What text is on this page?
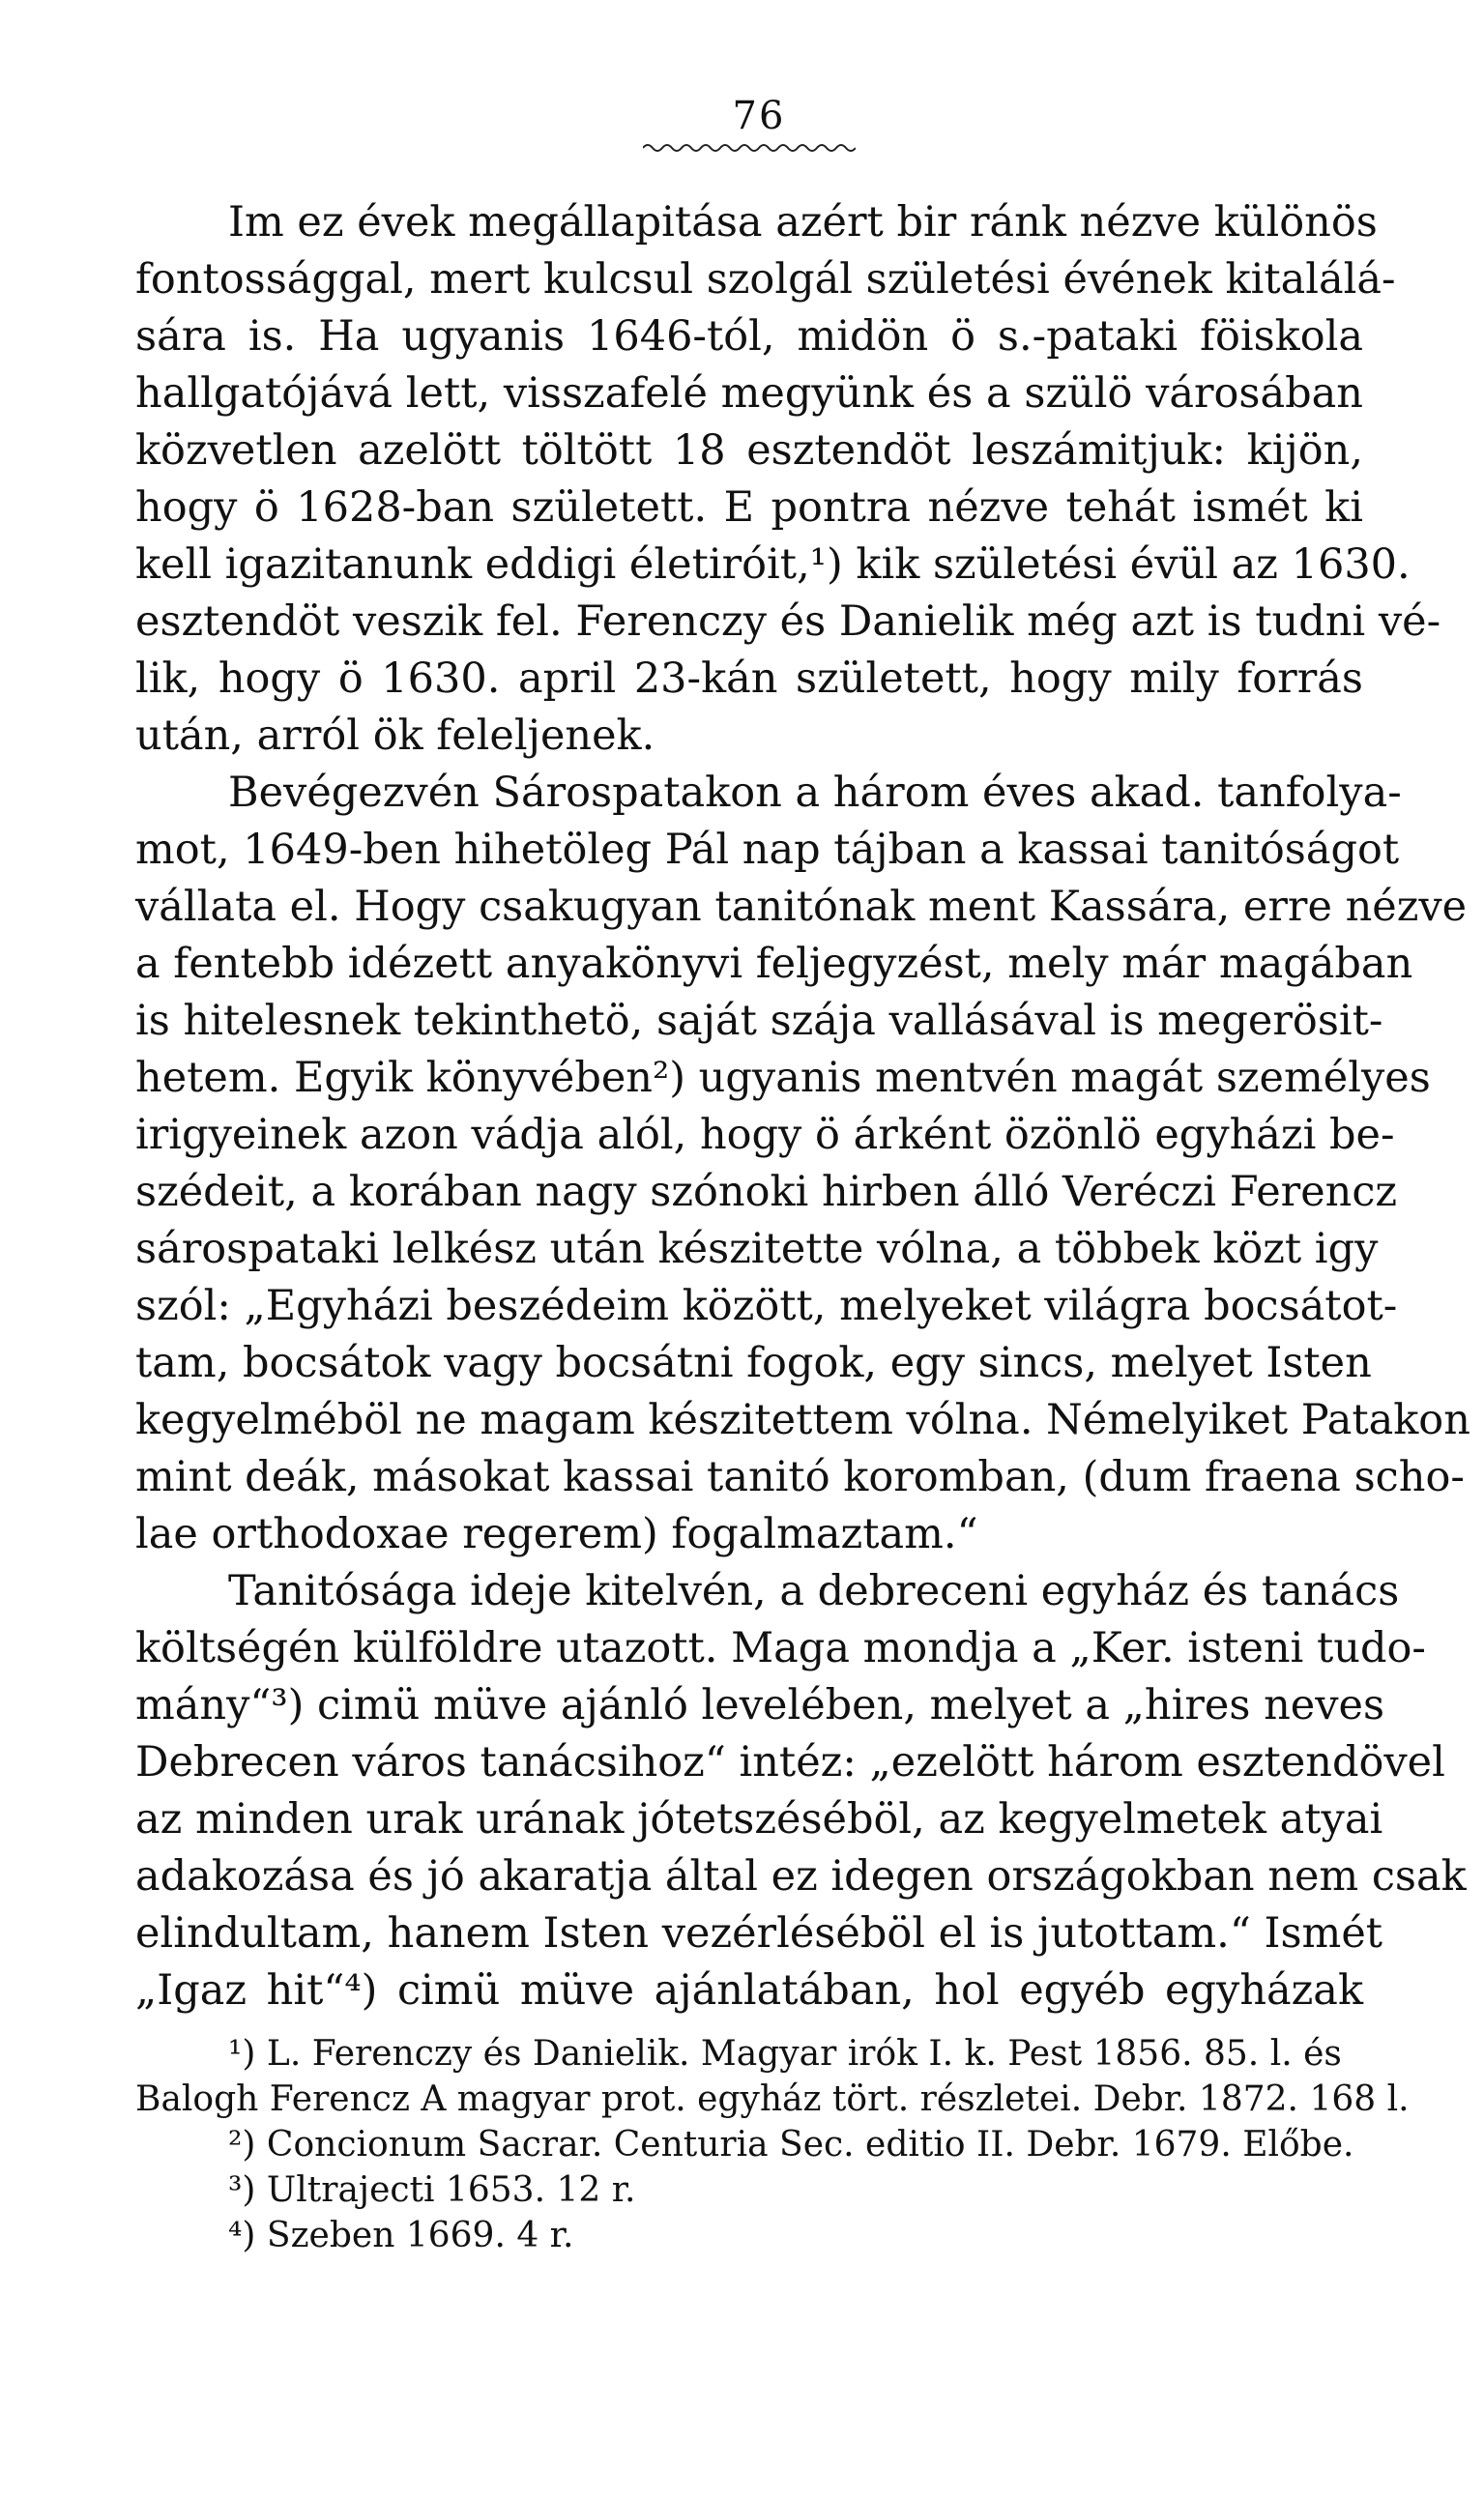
76
Im ez évek megállapitása azért bir ránk nézve különös
fontossággal, mert kulcsul szolgál születési évének kitalálá-
sára is. Ha ugyanis 1646-tól, midön ö s.-pataki föiskola
hallgatójává lett, visszafelé megyünk és a szülö városában
közvetlen azelött töltött 18 esztendöt leszámitjuk: kijön,
hogy ö 1628-ban született. E pontra nézve tehát ismét ki
kell igazitanunk eddigi életiróit,¹) kik születési évül az 1630.
esztendöt veszik fel. Ferenczy és Danielik még azt is tudni vé-
lik, hogy ö 1630. april 23-kán született, hogy mily forrás
után, arról ök feleljenek.
Bevégezvén Sárospatakon a három éves akad. tanfolya-
mot, 1649-ben hihetöleg Pál nap tájban a kassai tanitóságot
vállata el. Hogy csakugyan tanitónak ment Kassára, erre nézve
a fentebb idézett anyakönyvi feljegyzést, mely már magában
is hitelesnek tekinthetö, saját szája vallásával is megerösit-
hetem. Egyik könyvében²) ugyanis mentvén magát személyes
irigyeinek azon vádja alól, hogy ö árként özönlö egyházi be-
szédeit, a korában nagy szónoki hirben álló Veréczi Ferencz
sárospataki lelkész után készitette vólna, a többek közt igy
szól: „Egyházi beszédeim között, melyeket világra bocsátot-
tam, bocsátok vagy bocsátni fogok, egy sincs, melyet Isten
kegyelméböl ne magam készitettem vólna. Némelyiket Patakon
mint deák, másokat kassai tanitó koromban, (dum fraena scho-
lae orthodoxae regerem) fogalmaztam.“
Tanitósága ideje kitelvén, a debreceni egyház és tanács
költségén külföldre utazott. Maga mondja a „Ker. isteni tudo-
mány“³) cimü müve ajánló levelében, melyet a „hires neves
Debrecen város tanácsihoz“ intéz: „ezelött három esztendövel
az minden urak urának jótetszéséböl, az kegyelmetek atyai
adakozása és jó akaratja által ez idegen országokban nem csak
elindultam, hanem Isten vezérléséböl el is jutottam.“ Ismét
„Igaz hit“⁴) cimü müve ajánlatában, hol egyéb egyházak
¹) L. Ferenczy és Danielik. Magyar irók I. k. Pest 1856. 85. l. és
Balogh Ferencz A magyar prot. egyház tört. részletei. Debr. 1872. 168 l.
²) Concionum Sacrar. Centuria Sec. editio II. Debr. 1679. Előbe.
³) Ultrajecti 1653. 12 r.
⁴) Szeben 1669. 4 r.
